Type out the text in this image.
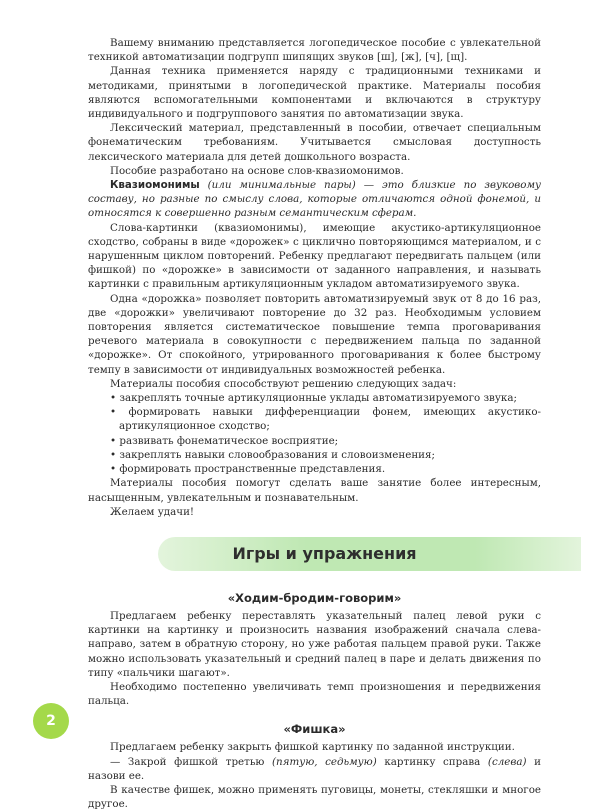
Вашему вниманию представляется логопедическое пособие с увлекательной техникой автоматизации подгрупп шипящих звуков [ш], [ж], [ч], [щ].

Данная техника применяется наряду с традиционными техниками и методиками, принятыми в логопедической практике. Материалы пособия являются вспомогательными компонентами и включаются в структуру индивидуального и подгруппового занятия по автоматизации звука.

Лексический материал, представленный в пособии, отвечает специальным фонематическим требованиям. Учитывается смысловая доступность лексического материала для детей дошкольного возраста.

Пособие разработано на основе слов-квазиомонимов.

Квазиомонимы (или минимальные пары) — это близкие по звуковому составу, но разные по смыслу слова, которые отличаются одной фонемой, и относятся к совершенно разным семантическим сферам.

Слова-картинки (квазиомонимы), имеющие акустико-артикуляционное сходство, собраны в виде «дорожек» с циклично повторяющимся материалом, и с нарушенным циклом повторений. Ребенку предлагают передвигать пальцем (или фишкой) по «дорожке» в зависимости от заданного направления, и называть картинки с правильным артикуляционным укладом автоматизируемого звука.

Одна «дорожка» позволяет повторить автоматизируемый звук от 8 до 16 раз, две «дорожки» увеличивают повторение до 32 раз. Необходимым условием повторения является систематическое повышение темпа проговаривания речевого материала в совокупности с передвижением пальца по заданной «дорожке». От спокойного, утрированного проговаривания к более быстрому темпу в зависимости от индивидуальных возможностей ребенка.

Материалы пособия способствуют решению следующих задач:

• закреплять точные артикуляционные уклады автоматизируемого звука;

• формировать навыки дифференциации фонем, имеющих акустико-артикуляционное сходство;

• развивать фонематическое восприятие;

• закреплять навыки словообразования и словоизменения;

• формировать пространственные представления.

Материалы пособия помогут сделать ваше занятие более интересным, насыщенным, увлекательным и познавательным.

Желаем удачи!

Игры и упражнения
«Ходим-бродим-говорим»

Предлагаем ребенку переставлять указательный палец левой руки с картинки на картинку и произносить названия изображений сначала слева-направо, затем в обратную сторону, но уже работая пальцем правой руки. Также можно использовать указательный и средний палец в паре и делать движения по типу «пальчики шагают».

Необходимо постепенно увеличивать темп произношения и передвижения пальца.

«Фишка»

Предлагаем ребенку закрыть фишкой картинку по заданной инструкции.

— Закрой фишкой третью (пятую, седьмую) картинку справа (слева) и назови ее.

В качестве фишек, можно применять пуговицы, монеты, стекляшки и многое другое.

2
